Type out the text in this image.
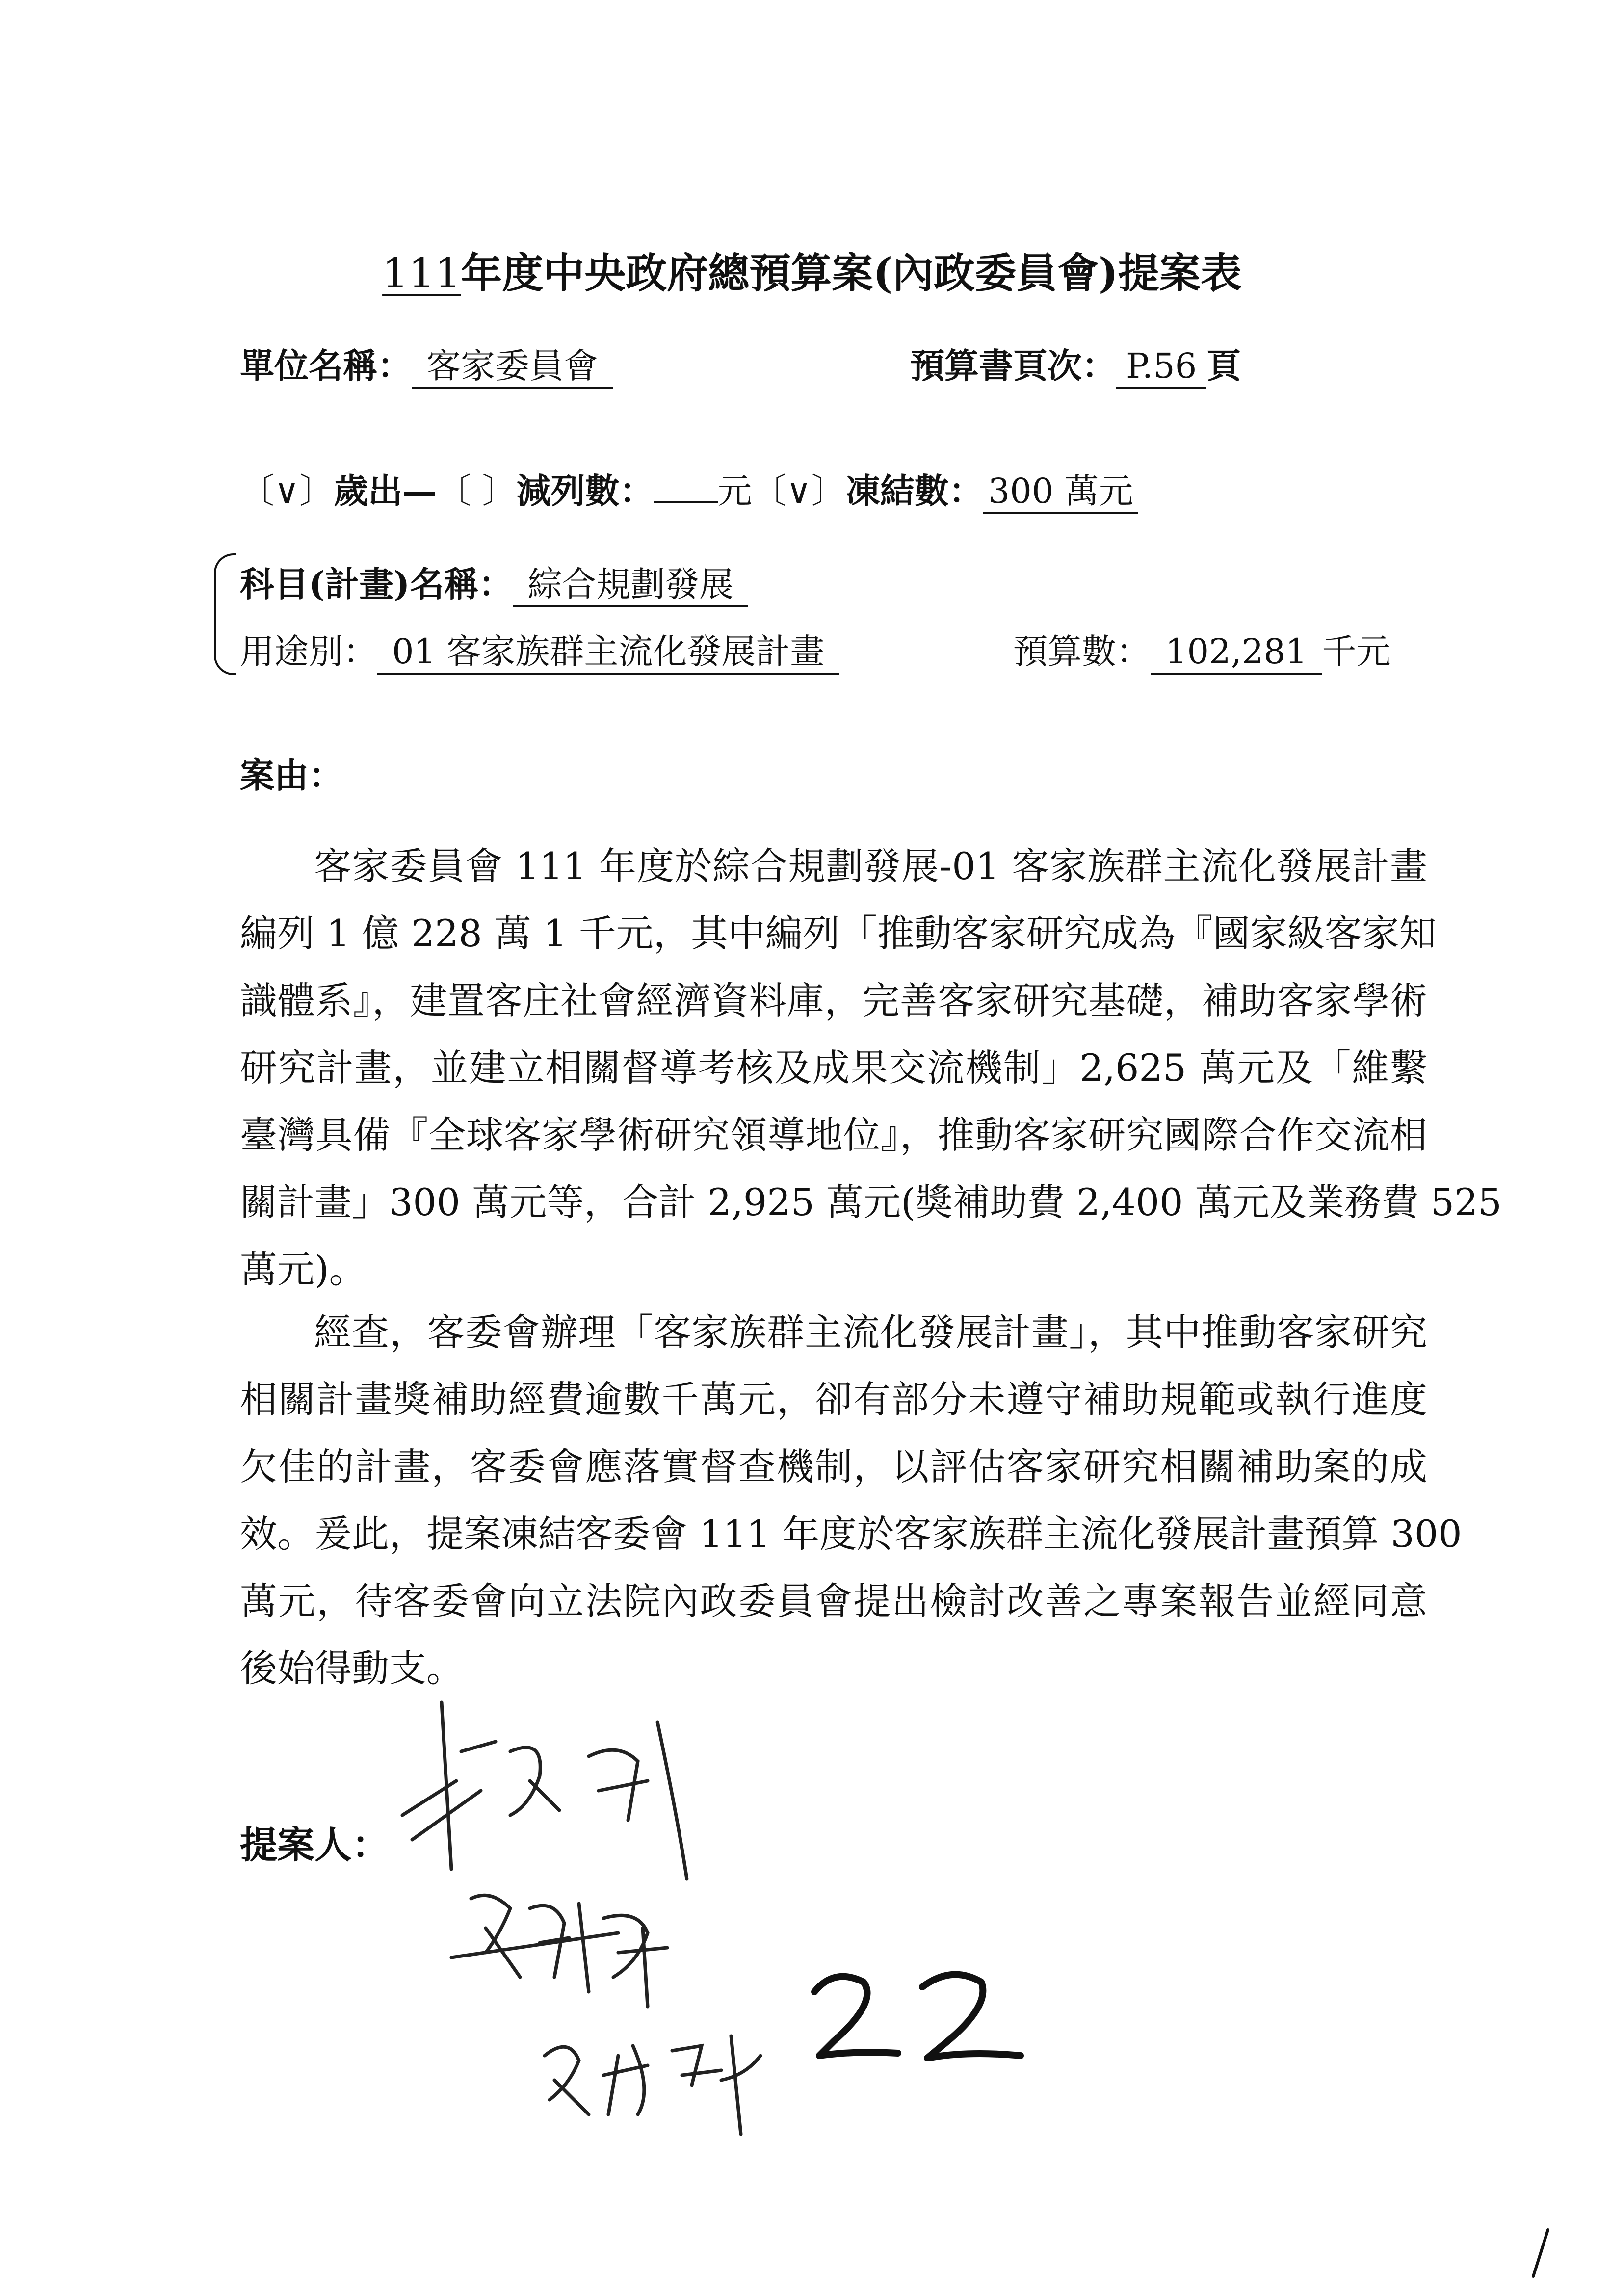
111年度中央政府總預算案(內政委員會)提案表
單位名稱： 客家委員會	預算書頁次： P.56 頁
〔∨〕歲出—〔 〕減列數： 元〔∨〕凍結數： 300 萬元
科目(計畫)名稱： 綜合規劃發展
用途別： 01 客家族群主流化發展計畫	預算數： 102,281 千元
案由：
客家委員會 111 年度於綜合規劃發展-01 客家族群主流化發展計畫
編列 1 億 228 萬 1 千元，其中編列「推動客家研究成為『國家級客家知
識體系』，建置客庄社會經濟資料庫，完善客家研究基礎，補助客家學術
研究計畫，並建立相關督導考核及成果交流機制」2,625 萬元及「維繫
臺灣具備『全球客家學術研究領導地位』，推動客家研究國際合作交流相
關計畫」300 萬元等，合計 2,925 萬元(獎補助費 2,400 萬元及業務費 525
萬元)。
經查，客委會辦理「客家族群主流化發展計畫」，其中推動客家研究
相關計畫獎補助經費逾數千萬元，卻有部分未遵守補助規範或執行進度
欠佳的計畫，客委會應落實督查機制，以評估客家研究相關補助案的成
效。爰此，提案凍結客委會 111 年度於客家族群主流化發展計畫預算 300
萬元，待客委會向立法院內政委員會提出檢討改善之專案報告並經同意
後始得動支。
提案人：
